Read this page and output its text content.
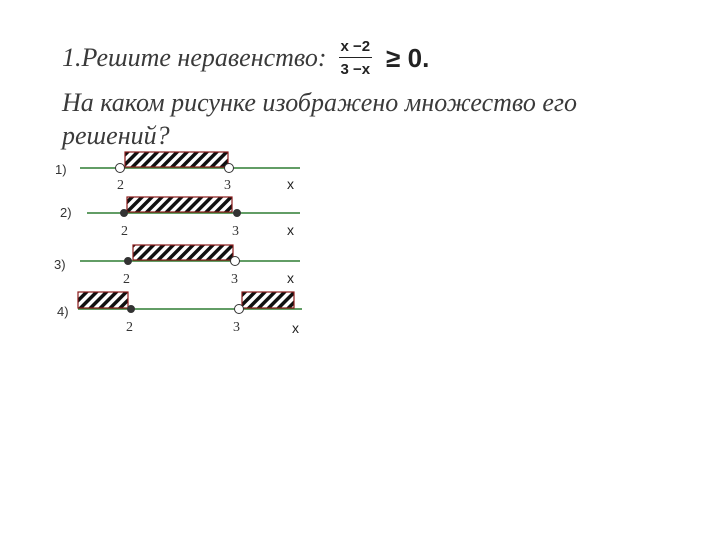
1.Решите неравенство: $\frac{x -2}{3 -x} \ge 0$.
На каком рисунке изображено множество его решений?
1)
2	3	x
2)
2	3	x
3)
2	3	x
4)
2	3	x
